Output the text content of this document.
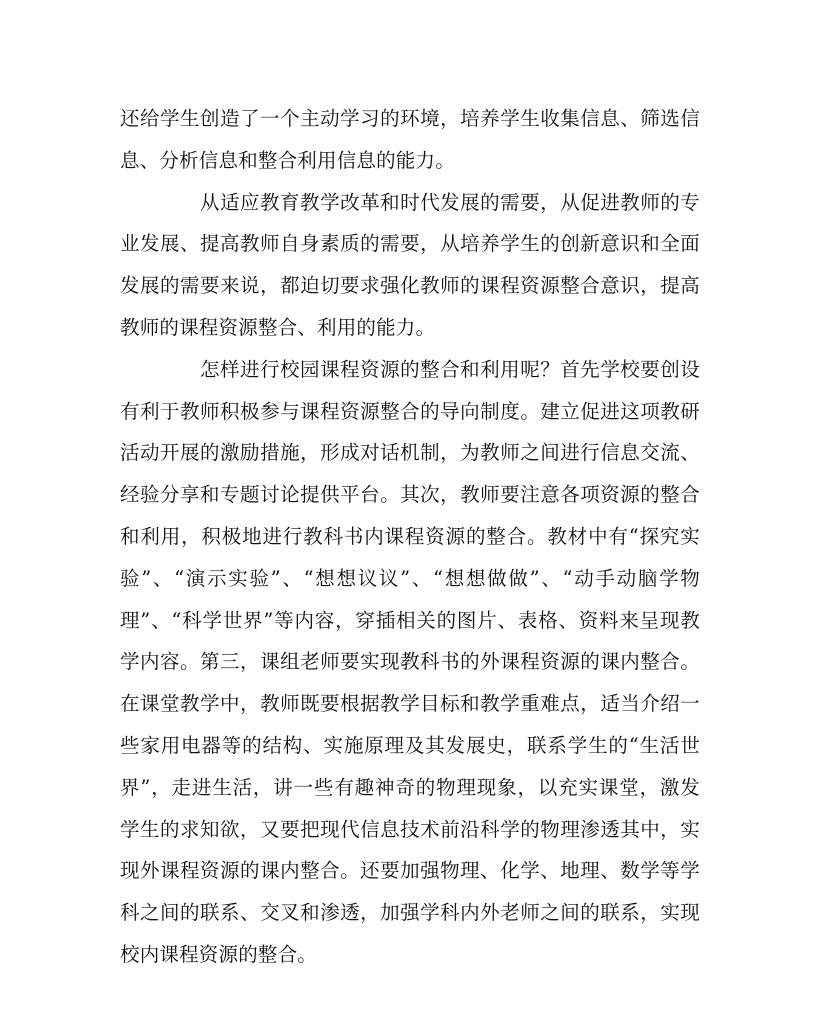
还给学生创造了一个主动学习的环境，培养学生收集信息、筛选信息、分析信息和整合利用信息的能力。

从适应教育教学改革和时代发展的需要，从促进教师的专业发展、提高教师自身素质的需要，从培养学生的创新意识和全面发展的需要来说，都迫切要求强化教师的课程资源整合意识，提高教师的课程资源整合、利用的能力。

怎样进行校园课程资源的整合和利用呢？首先学校要创设有利于教师积极参与课程资源整合的导向制度。建立促进这项教研活动开展的激励措施，形成对话机制，为教师之间进行信息交流、经验分享和专题讨论提供平台。其次，教师要注意各项资源的整合和利用，积极地进行教科书内课程资源的整合。教材中有“探究实验”、“演示实验”、“想想议议”、“想想做做”、“动手动脑学物理”、“科学世界”等内容，穿插相关的图片、表格、资料来呈现教学内容。第三，课组老师要实现教科书的外课程资源的课内整合。在课堂教学中，教师既要根据教学目标和教学重难点，适当介绍一些家用电器等的结构、实施原理及其发展史，联系学生的“生活世界”，走进生活，讲一些有趣神奇的物理现象，以充实课堂，激发学生的求知欲，又要把现代信息技术前沿科学的物理渗透其中，实现外课程资源的课内整合。还要加强物理、化学、地理、数学等学科之间的联系、交叉和渗透，加强学科内外老师之间的联系，实现校内课程资源的整合。
